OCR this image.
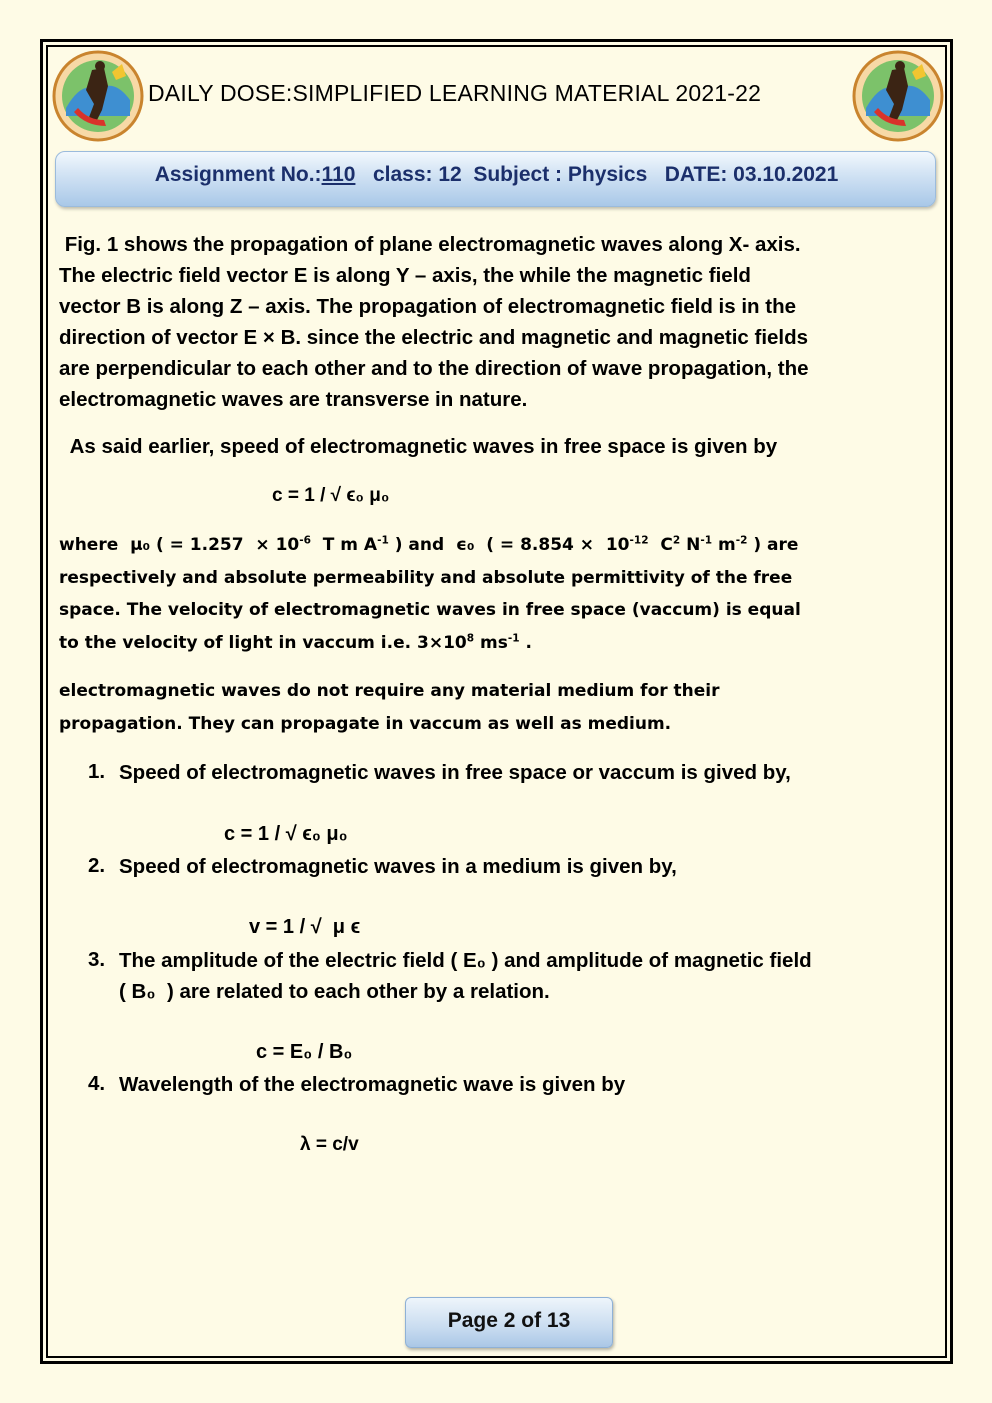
DAILY DOSE:SIMPLIFIED LEARNING MATERIAL 2021-22
Assignment No.:110   class: 12  Subject : Physics   DATE: 03.10.2021
Fig. 1 shows the propagation of plane electromagnetic waves along X- axis.
The electric field vector E is along Y – axis, the while the magnetic field
vector B is along Z – axis. The propagation of electromagnetic field is in the
direction of vector E × B. since the electric and magnetic and magnetic fields
are perpendicular to each other and to the direction of wave propagation, the
electromagnetic waves are transverse in nature.
As said earlier, speed of electromagnetic waves in free space is given by
c = 1 / √ ϵ₀ μ₀
where  μ₀ ( = $1.257 \times 10^{-6}$  T m $A^{-1}$ ) and  ϵ₀  ( = $8.854 \times 10^{-12}$  $C^2$ $N^{-1}$ $m^{-2}$ ) are
respectively and absolute permeability and absolute permittivity of the free
space. The velocity of electromagnetic waves in free space (vaccum) is equal
to the velocity of light in vaccum i.e. $3\times 10^8$ $ms^{-1}$ .
electromagnetic waves do not require any material medium for their
propagation. They can propagate in vaccum as well as medium.
1. Speed of electromagnetic waves in free space or vaccum is gived by,
c = 1 / √ ϵ₀ μ₀
2. Speed of electromagnetic waves in a medium is given by,
v = 1 / √  μ ϵ
3. The amplitude of the electric field ( E₀ ) and amplitude of magnetic field
( B₀  ) are related to each other by a relation.
c = E₀ / B₀
4. Wavelength of the electromagnetic wave is given by
λ = c/v
Page 2 of 13
